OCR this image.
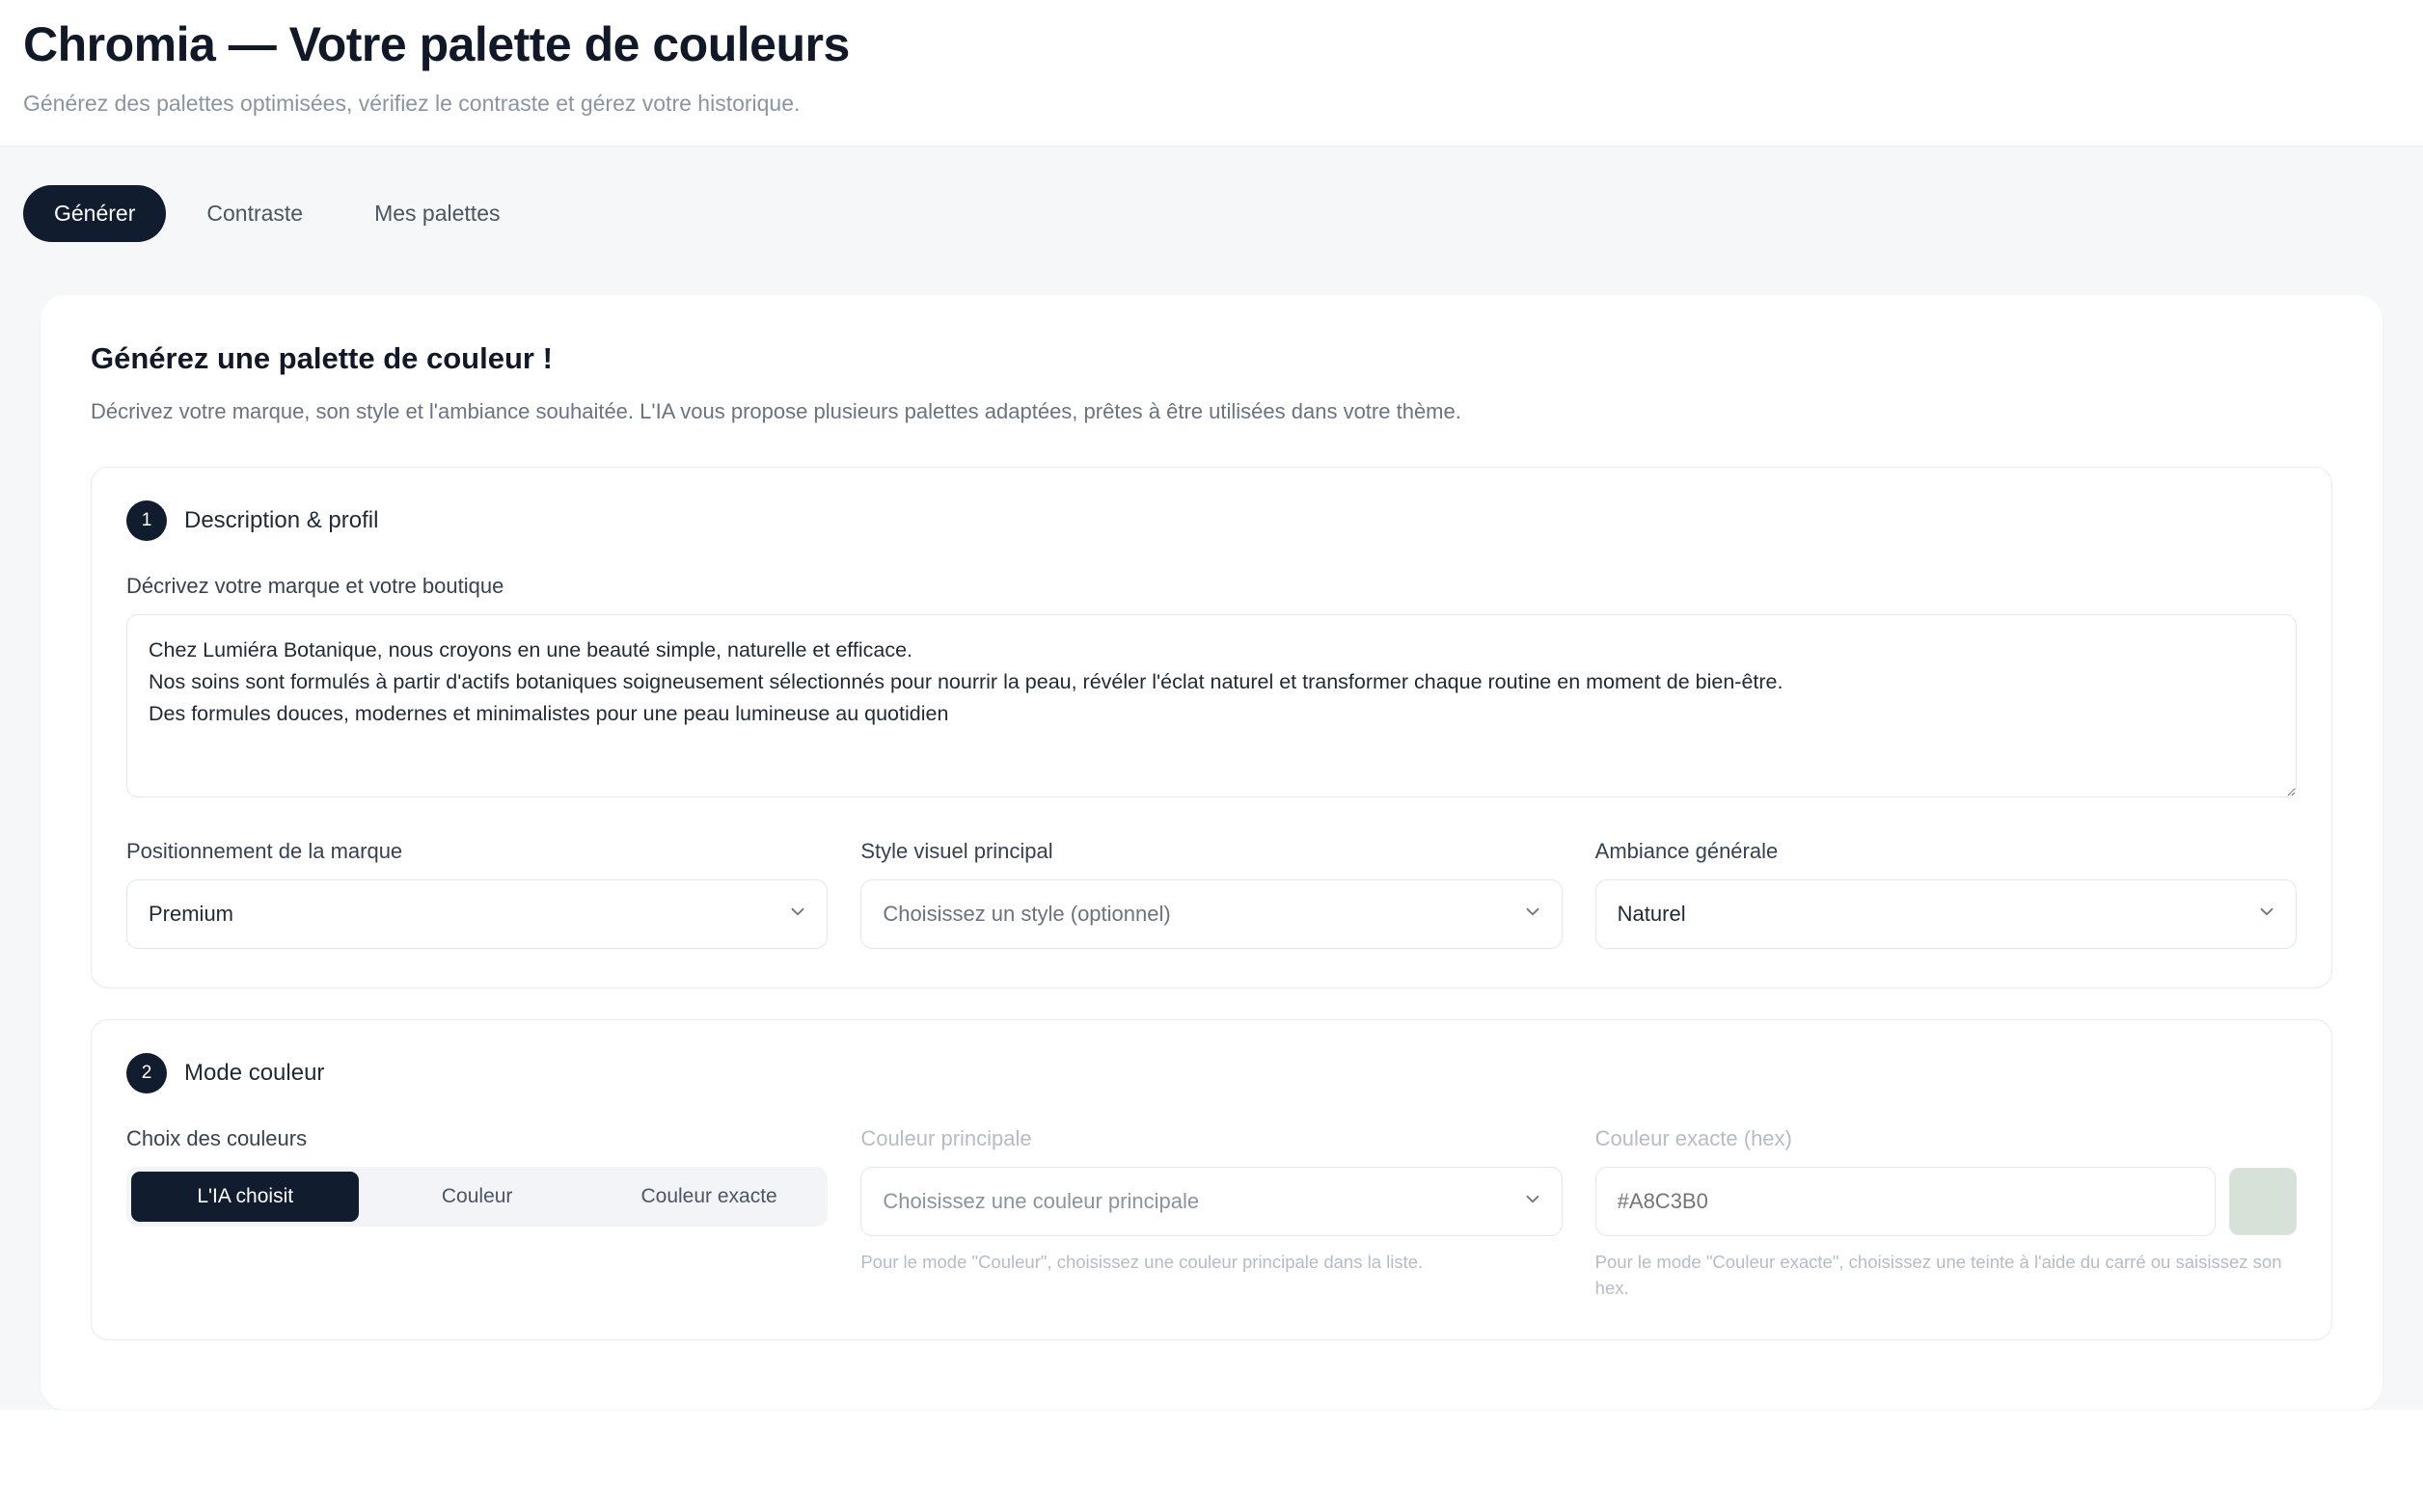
Chromia — Votre palette de couleurs

Générez des palettes optimisées, vérifiez le contraste et gérez votre historique.

Générer	Contraste	Mes palettes
Générez une palette de couleur !

Décrivez votre marque, son style et l'ambiance souhaitée. L'IA vous propose plusieurs palettes adaptées, prêtes à être utilisées dans votre thème.

1	Description & profil
Décrivez votre marque et votre boutique
Chez Lumiéra Botanique, nous croyons en une beauté simple, naturelle et efficace. Nos soins sont formulés à partir d'actifs botaniques soigneusement sélectionnés pour nourrir la peau, révéler l'éclat naturel et transformer chaque routine en moment de bien-être. Des formules douces, modernes et minimalistes pour une peau lumineuse au quotidien
Positionnement de la marque
Premium
Style visuel principal
Choisissez un style (optionnel)
Ambiance générale
Naturel
2	Mode couleur
Choix des couleurs
L'IA choisit	Couleur	Couleur exacte
Couleur principale
Choisissez une couleur principale
Pour le mode "Couleur", choisissez une couleur principale dans la liste.
Couleur exacte (hex)
#A8C3B0
Pour le mode "Couleur exacte", choisissez une teinte à l'aide du carré ou saisissez son hex.
